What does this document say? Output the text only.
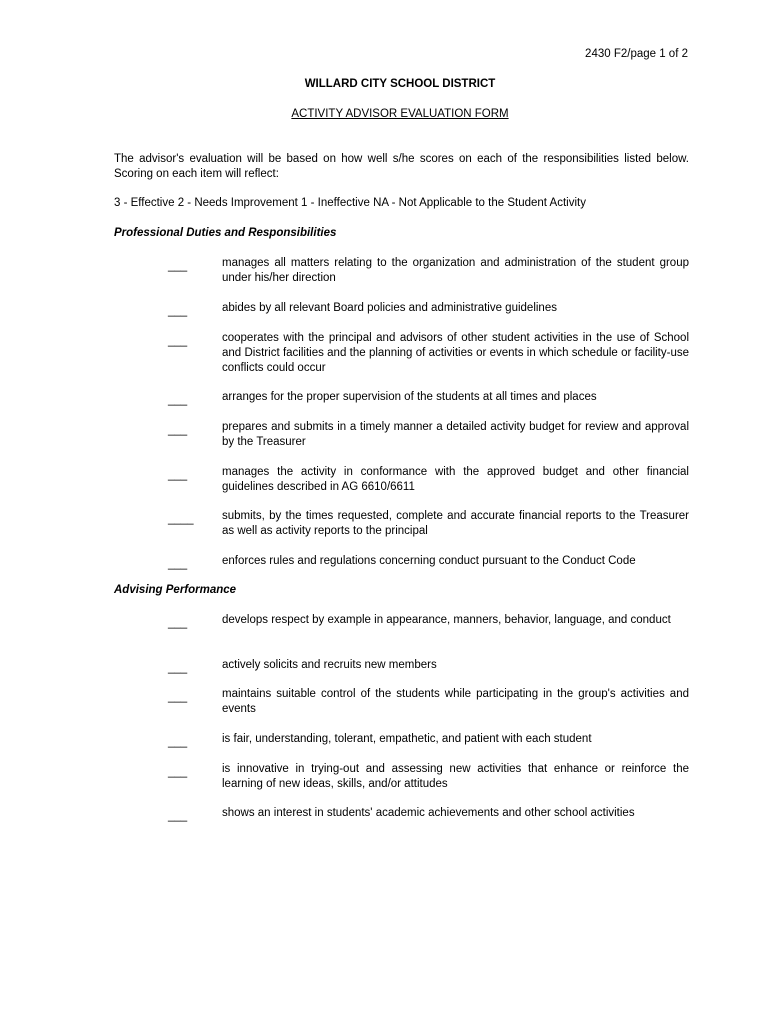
2430 F2/page 1 of 2
WILLARD CITY SCHOOL DISTRICT
ACTIVITY ADVISOR EVALUATION FORM
The advisor's evaluation will be based on how well s/he scores on each of the responsibilities listed below. Scoring on each item will reflect:
3 - Effective 2 - Needs Improvement 1 - Ineffective NA - Not Applicable to the Student Activity
Professional Duties and Responsibilities
___	manages all matters relating to the organization and administration of the student group under his/her direction
___	abides by all relevant Board policies and administrative guidelines
___	cooperates with the principal and advisors of other student activities in the use of School and District facilities and the planning of activities or events in which schedule or facility-use conflicts could occur
___	arranges for the proper supervision of the students at all times and places
___	prepares and submits in a timely manner a detailed activity budget for review and approval by the Treasurer
___	manages the activity in conformance with the approved budget and other financial guidelines described in AG 6610/6611
____ submits, by the times requested, complete and accurate financial reports to the Treasurer as well as activity reports to the principal
___	enforces rules and regulations concerning conduct pursuant to the Conduct Code
Advising Performance
___	develops respect by example in appearance, manners, behavior, language, and conduct
___	actively solicits and recruits new members
___	maintains suitable control of the students while participating in the group's activities and events
___	is fair, understanding, tolerant, empathetic, and patient with each student
___	is innovative in trying-out and assessing new activities that enhance or reinforce the learning of new ideas, skills, and/or attitudes
___	shows an interest in students' academic achievements and other school activities
